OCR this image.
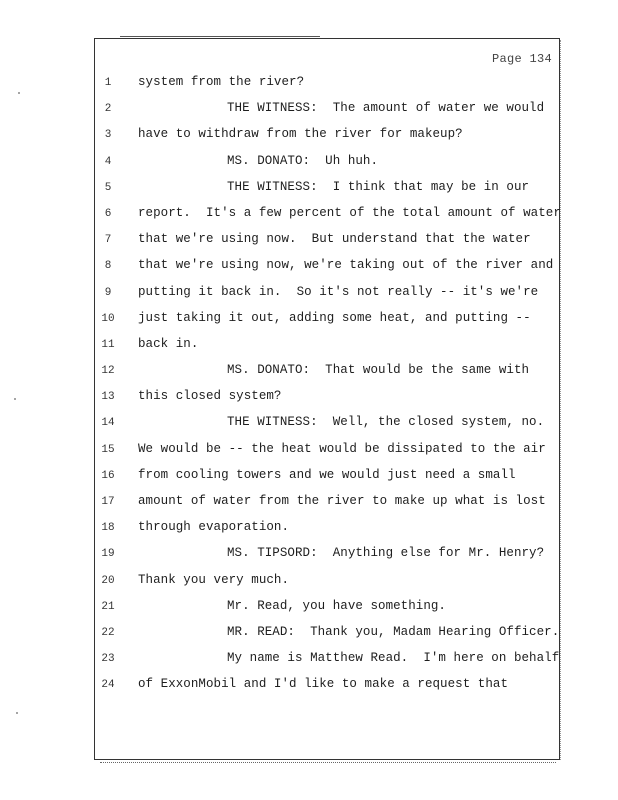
Page 134
1	system from the river?
2	THE WITNESS:  The amount of water we would
3	have to withdraw from the river for makeup?
4	MS. DONATO:  Uh huh.
5	THE WITNESS:  I think that may be in our
6	report.  It's a few percent of the total amount of water
7	that we're using now.  But understand that the water
8	that we're using now, we're taking out of the river and
9	putting it back in.  So it's not really -- it's we're
10	just taking it out, adding some heat, and putting --
11	back in.
12	MS. DONATO:  That would be the same with
13	this closed system?
14	THE WITNESS:  Well, the closed system, no.
15	We would be -- the heat would be dissipated to the air
16	from cooling towers and we would just need a small
17	amount of water from the river to make up what is lost
18	through evaporation.
19	MS. TIPSORD:  Anything else for Mr. Henry?
20	Thank you very much.
21	Mr. Read, you have something.
22	MR. READ:  Thank you, Madam Hearing Officer.
23	My name is Matthew Read.  I'm here on behalf
24	of ExxonMobil and I'd like to make a request that
